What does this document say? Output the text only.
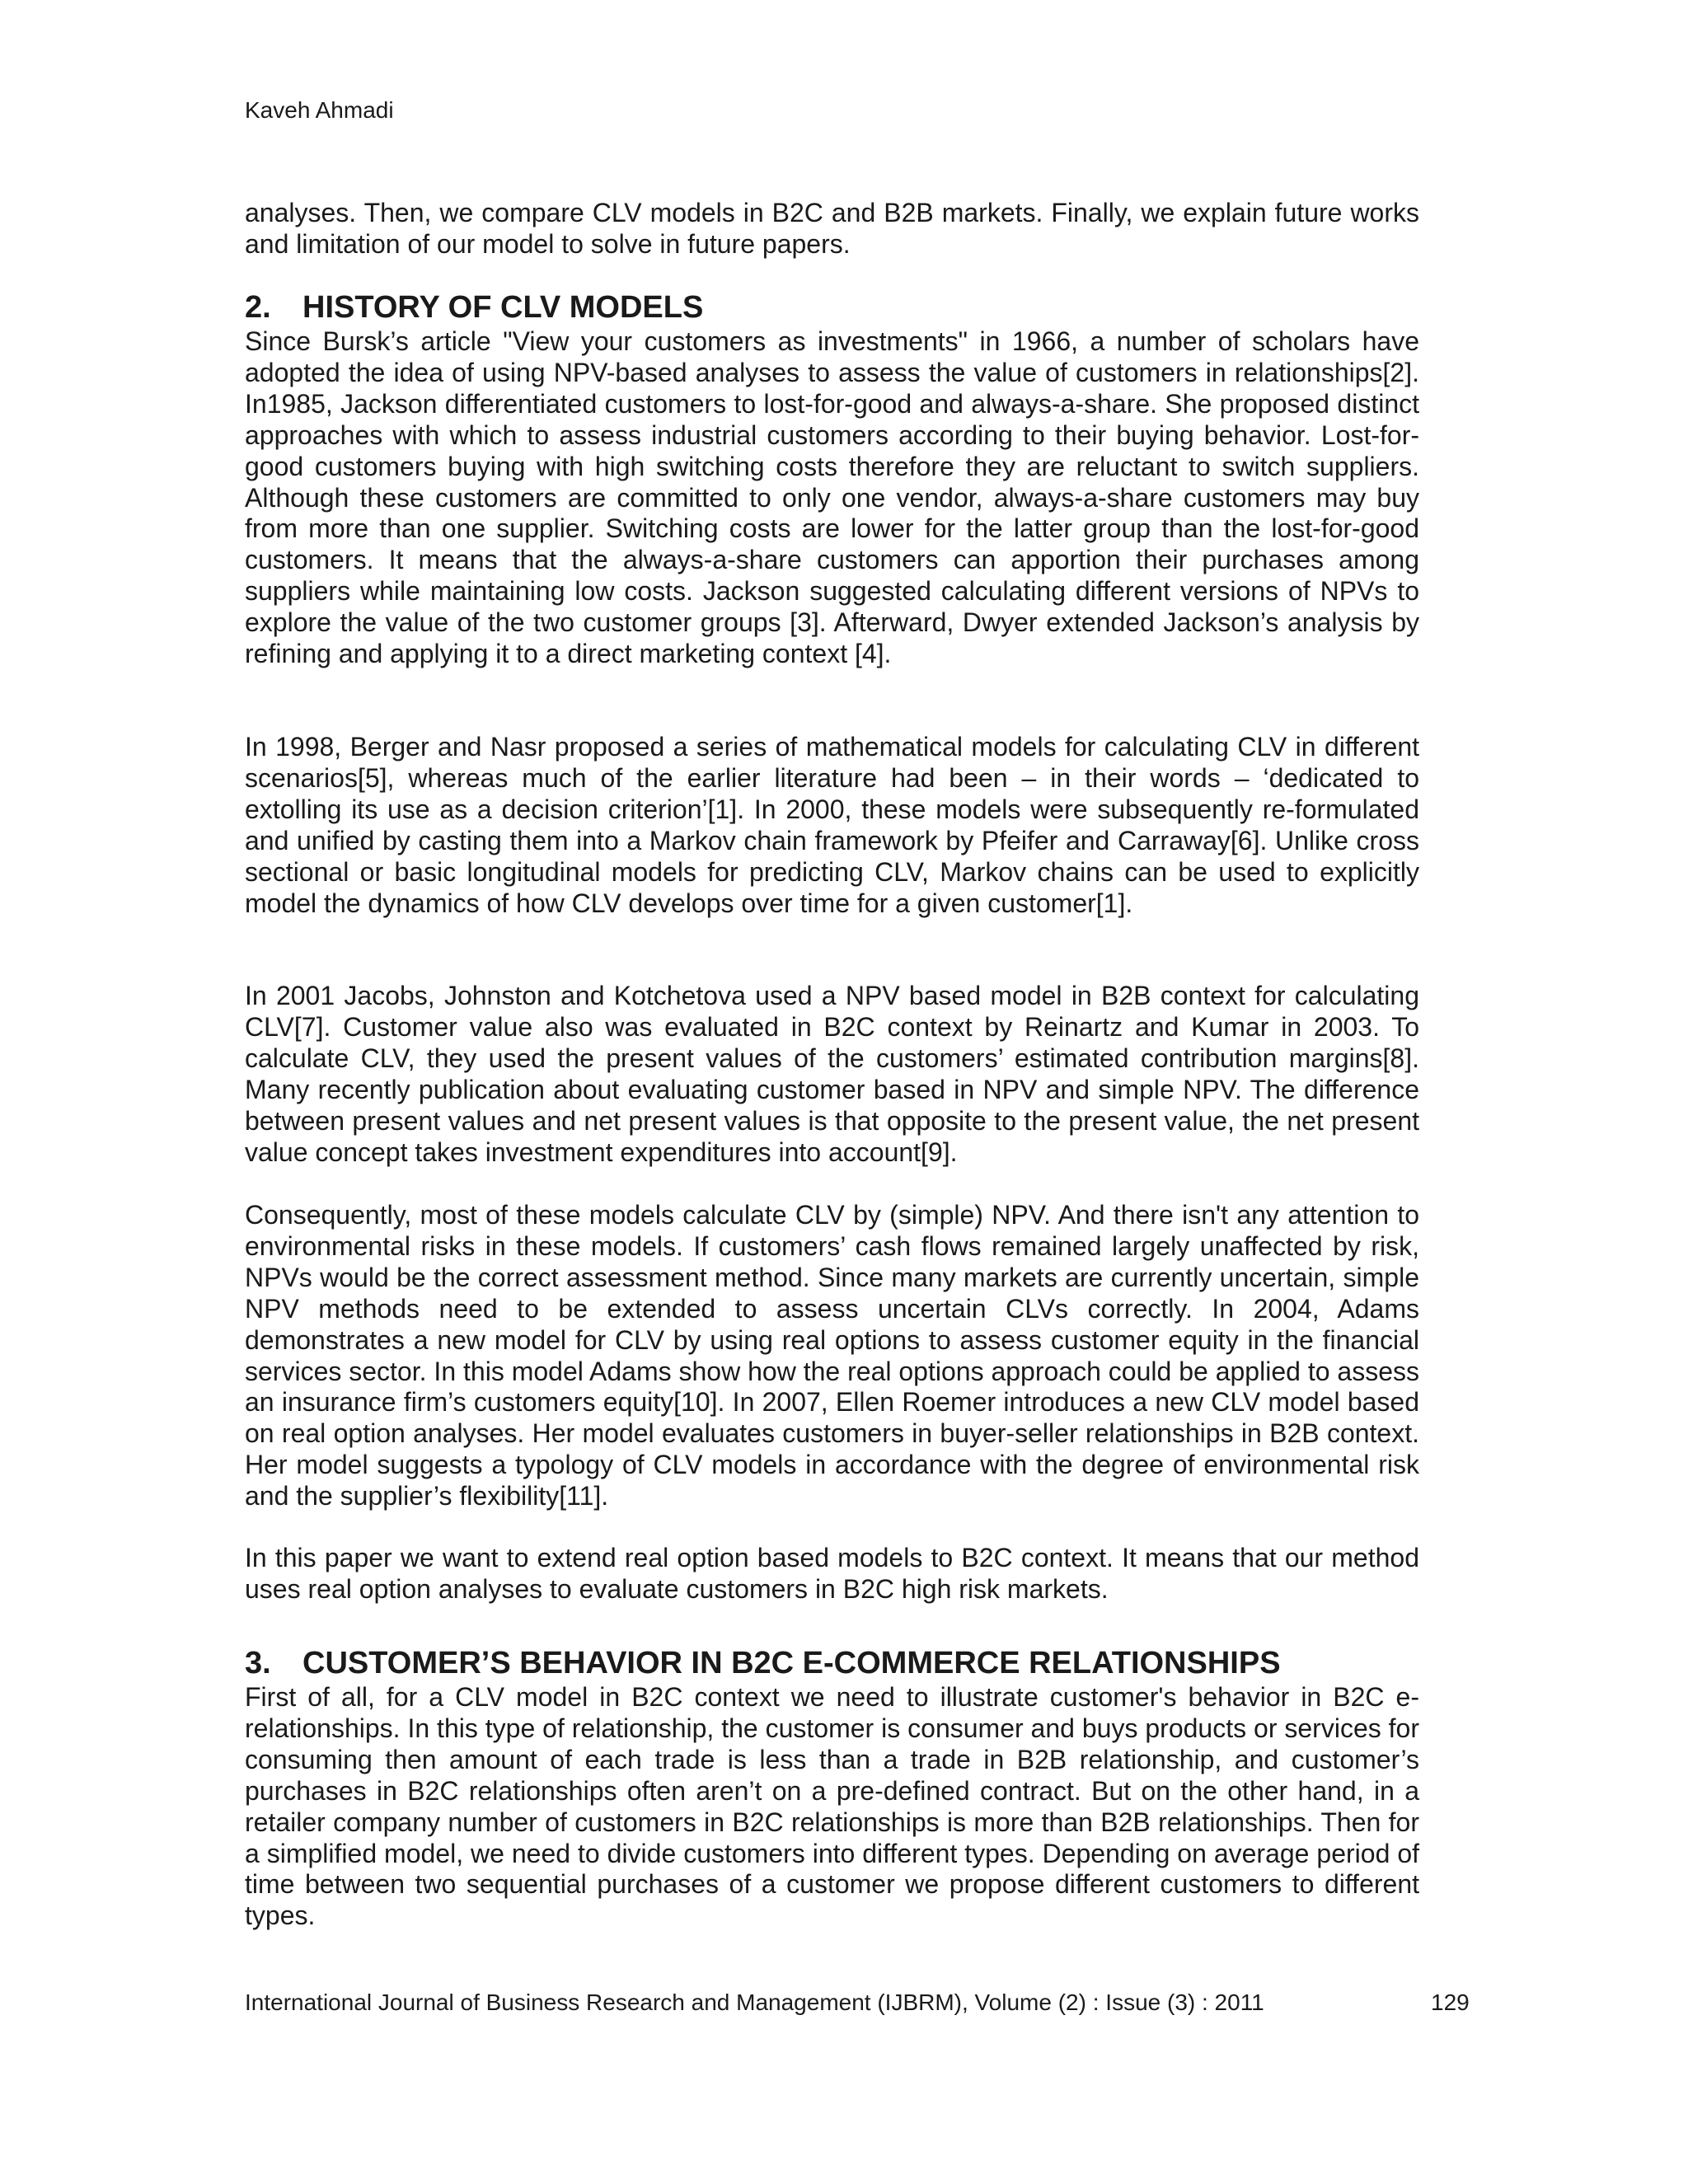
Kaveh Ahmadi

analyses. Then, we compare CLV models in B2C and B2B markets. Finally, we explain future works and limitation of our model to solve in future papers.

2. HISTORY OF CLV MODELS

Since Bursk’s article "View your customers as investments" in 1966, a number of scholars have adopted the idea of using NPV-based analyses to assess the value of customers in relationships[2]. In1985, Jackson differentiated customers to lost-for-good and always-a-share. She proposed distinct approaches with which to assess industrial customers according to their buying behavior. Lost-for-good customers buying with high switching costs therefore they are reluctant to switch suppliers. Although these customers are committed to only one vendor, always-a-share customers may buy from more than one supplier. Switching costs are lower for the latter group than the lost-for-good customers. It means that the always-a-share customers can apportion their purchases among suppliers while maintaining low costs. Jackson suggested calculating different versions of NPVs to explore the value of the two customer groups [3]. Afterward, Dwyer extended Jackson’s analysis by refining and applying it to a direct marketing context [4].

In 1998, Berger and Nasr proposed a series of mathematical models for calculating CLV in different scenarios[5], whereas much of the earlier literature had been – in their words – ‘dedicated to extolling its use as a decision criterion’[1]. In 2000, these models were subsequently re-formulated and unified by casting them into a Markov chain framework by Pfeifer and Carraway[6]. Unlike cross sectional or basic longitudinal models for predicting CLV, Markov chains can be used to explicitly model the dynamics of how CLV develops over time for a given customer[1].

In 2001 Jacobs, Johnston and Kotchetova used a NPV based model in B2B context for calculating CLV[7]. Customer value also was evaluated in B2C context by Reinartz and Kumar in 2003. To calculate CLV, they used the present values of the customers’ estimated contribution margins[8]. Many recently publication about evaluating customer based in NPV and simple NPV. The difference between present values and net present values is that opposite to the present value, the net present value concept takes investment expenditures into account[9].

Consequently, most of these models calculate CLV by (simple) NPV. And there isn't any attention to environmental risks in these models. If customers’ cash flows remained largely unaffected by risk, NPVs would be the correct assessment method. Since many markets are currently uncertain, simple NPV methods need to be extended to assess uncertain CLVs correctly. In 2004, Adams demonstrates a new model for CLV by using real options to assess customer equity in the financial services sector. In this model Adams show how the real options approach could be applied to assess an insurance firm’s customers equity[10]. In 2007, Ellen Roemer introduces a new CLV model based on real option analyses. Her model evaluates customers in buyer-seller relationships in B2B context. Her model suggests a typology of CLV models in accordance with the degree of environmental risk and the supplier’s flexibility[11].

In this paper we want to extend real option based models to B2C context. It means that our method uses real option analyses to evaluate customers in B2C high risk markets.

3. CUSTOMER’S BEHAVIOR IN B2C E-COMMERCE RELATIONSHIPS

First of all, for a CLV model in B2C context we need to illustrate customer's behavior in B2C e-relationships. In this type of relationship, the customer is consumer and buys products or services for consuming then amount of each trade is less than a trade in B2B relationship, and customer’s purchases in B2C relationships often aren’t on a pre-defined contract. But on the other hand, in a retailer company number of customers in B2C relationships is more than B2B relationships. Then for a simplified model, we need to divide customers into different types. Depending on average period of time between two sequential purchases of a customer we propose different customers to different types.

International Journal of Business Research and Management (IJBRM), Volume (2) : Issue (3) : 2011	129
